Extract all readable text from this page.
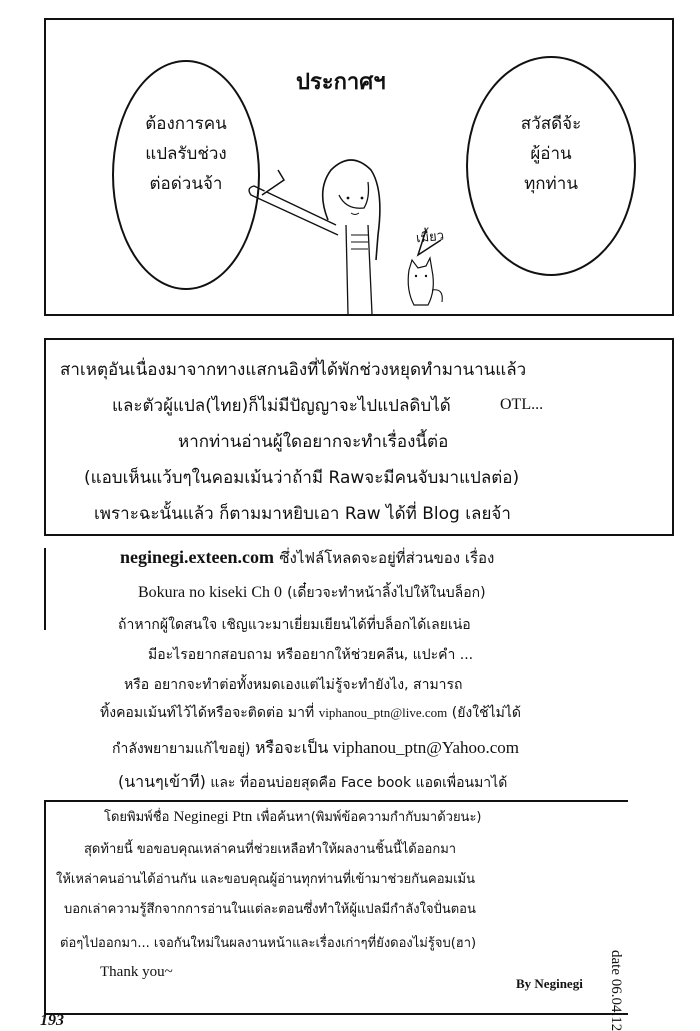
ต้องการคน
แปลรับช่วง
ต่อด่วนจ้า
สวัสดีจ้ะ
ผู้อ่าน
ทุกท่าน
ประกาศฯ
เมี้ยว
สาเหตุอันเนื่องมาจากทางแสกนอิงที่ได้พักช่วงหยุดทำมานานแล้ว
และตัวผู้แปล(ไทย)ก็ไม่มีปัญญาจะไปแปลดิบได้	OTL...
หากท่านอ่านผู้ใดอยากจะทำเรื่องนี้ต่อ
(แอบเห็นแว้บๆในคอมเม้นว่าถ้ามี Rawจะมีคนจับมาแปลต่อ)
เพราะฉะนั้นแล้ว ก็ตามมาหยิบเอา Raw ได้ที่ Blog เลยจ้า
neginegi.exteen.com ซึ่งไฟล์โหลดจะอยู่ที่ส่วนของ เรื่อง
Bokura no kiseki Ch 0 (เดี๋ยวจะทำหน้าลิ้งไปให้ในบล็อก)
ถ้าหากผู้ใดสนใจ เชิญแวะมาเยี่ยมเยียนได้ที่บล็อกได้เลยเน่อ
มีอะไรอยากสอบถาม หรืออยากให้ช่วยคลีน, แปะคำ ...
หรือ อยากจะทำต่อทั้งหมดเองแต่ไม่รู้จะทำยังไง, สามารถ
ทิ้งคอมเม้นท์ไว้ได้หรือจะติดต่อ มาที่ viphanou_ptn@live.com (ยังใช้ไม่ได้
กำลังพยายามแก้ไขอยู่) หรือจะเป็น viphanou_ptn@Yahoo.com
(นานๆเข้าที) และ ที่ออนบ่อยสุดคือ Face book แอดเพื่อนมาได้
โดยพิมพ์ชื่อ Neginegi Ptn เพื่อค้นหา(พิมพ์ข้อความกำกับมาด้วยนะ)
สุดท้ายนี้ ขอขอบคุณเหล่าคนที่ช่วยเหลือทำให้ผลงานชิ้นนี้ได้ออกมา
ให้เหล่าคนอ่านได้อ่านกัน และขอบคุณผู้อ่านทุกท่านที่เข้ามาช่วยกันคอมเม้น
บอกเล่าความรู้สึกจากการอ่านในแต่ละตอนซึ่งทำให้ผู้แปลมีกำลังใจปั่นตอน
ต่อๆไปออกมา... เจอกันใหม่ในผลงานหน้าและเรื่องเก่าๆที่ยังดองไม่รู้จบ(ฮา)
Thank you~
By Neginegi date 06.04.12
193
